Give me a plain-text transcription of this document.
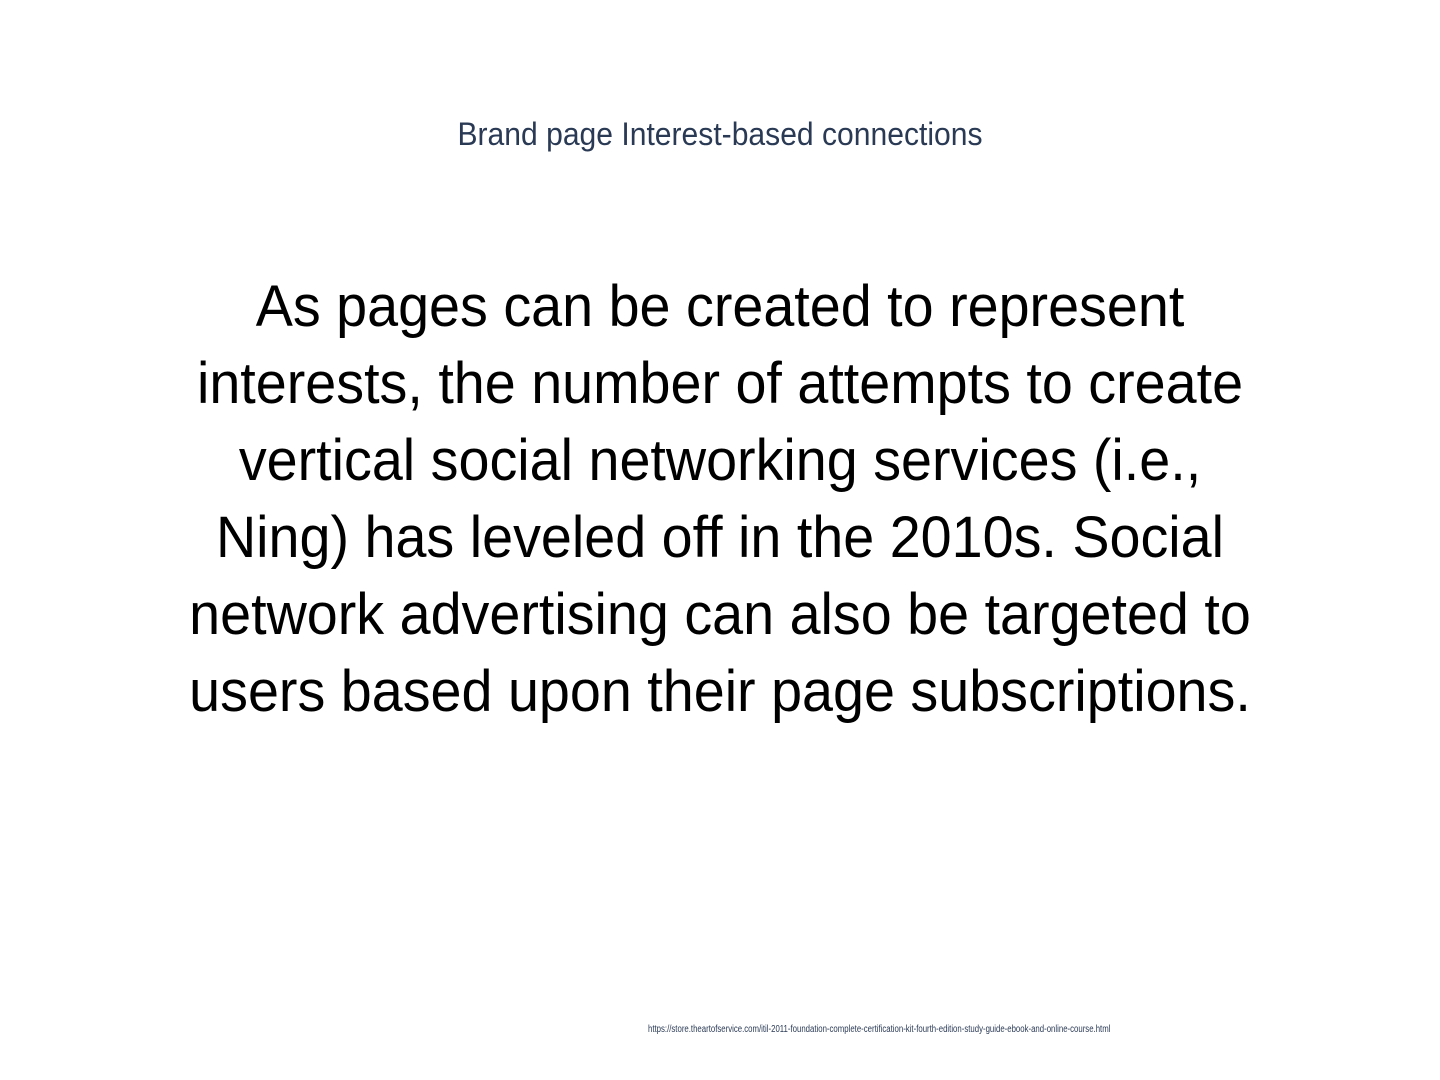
Brand page Interest-based connections
As pages can be created to represent interests, the number of attempts to create vertical social networking services (i.e., Ning) has leveled off in the 2010s. Social network advertising can also be targeted to users based upon their page subscriptions.
https://store.theartofservice.com/itil-2011-foundation-complete-certification-kit-fourth-edition-study-guide-ebook-and-online-course.html
